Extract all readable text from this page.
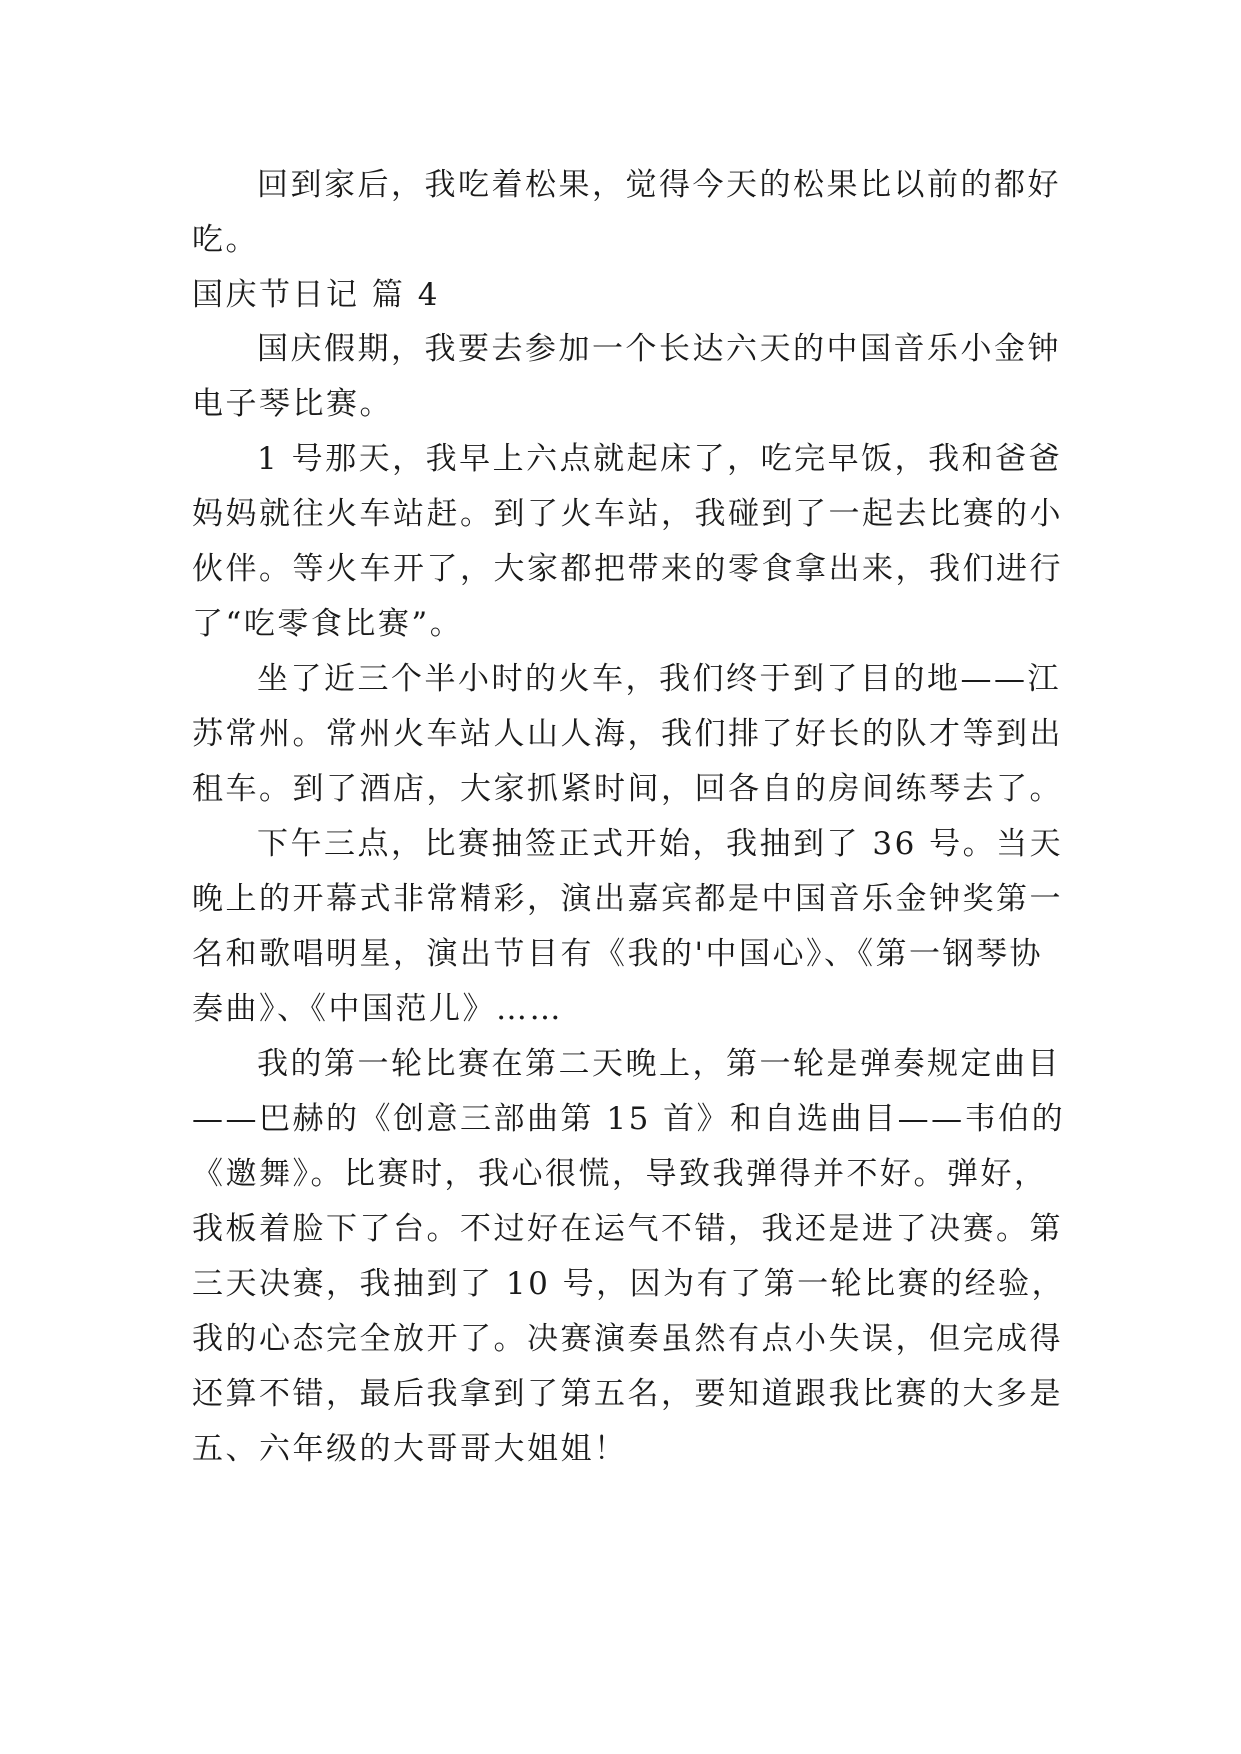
回到家后，我吃着松果，觉得今天的松果比以前的都好
吃。
国庆节日记 篇 4
国庆假期，我要去参加一个长达六天的中国音乐小金钟
电子琴比赛。
1 号那天，我早上六点就起床了，吃完早饭，我和爸爸
妈妈就往火车站赶。到了火车站，我碰到了一起去比赛的小
伙伴。等火车开了，大家都把带来的零食拿出来，我们进行
了“吃零食比赛”。
坐了近三个半小时的火车，我们终于到了目的地——江
苏常州。常州火车站人山人海，我们排了好长的队才等到出
租车。到了酒店，大家抓紧时间，回各自的房间练琴去了。
下午三点，比赛抽签正式开始，我抽到了 36 号。当天
晚上的开幕式非常精彩，演出嘉宾都是中国音乐金钟奖第一
名和歌唱明星，演出节目有《我的'中国心》、《第一钢琴协
奏曲》、《中国范儿》……
我的第一轮比赛在第二天晚上，第一轮是弹奏规定曲目
——巴赫的《创意三部曲第 15 首》和自选曲目——韦伯的
《邀舞》。比赛时，我心很慌，导致我弹得并不好。弹好，
我板着脸下了台。不过好在运气不错，我还是进了决赛。第
三天决赛，我抽到了 10 号，因为有了第一轮比赛的经验，
我的心态完全放开了。决赛演奏虽然有点小失误，但完成得
还算不错，最后我拿到了第五名，要知道跟我比赛的大多是
五、六年级的大哥哥大姐姐！
